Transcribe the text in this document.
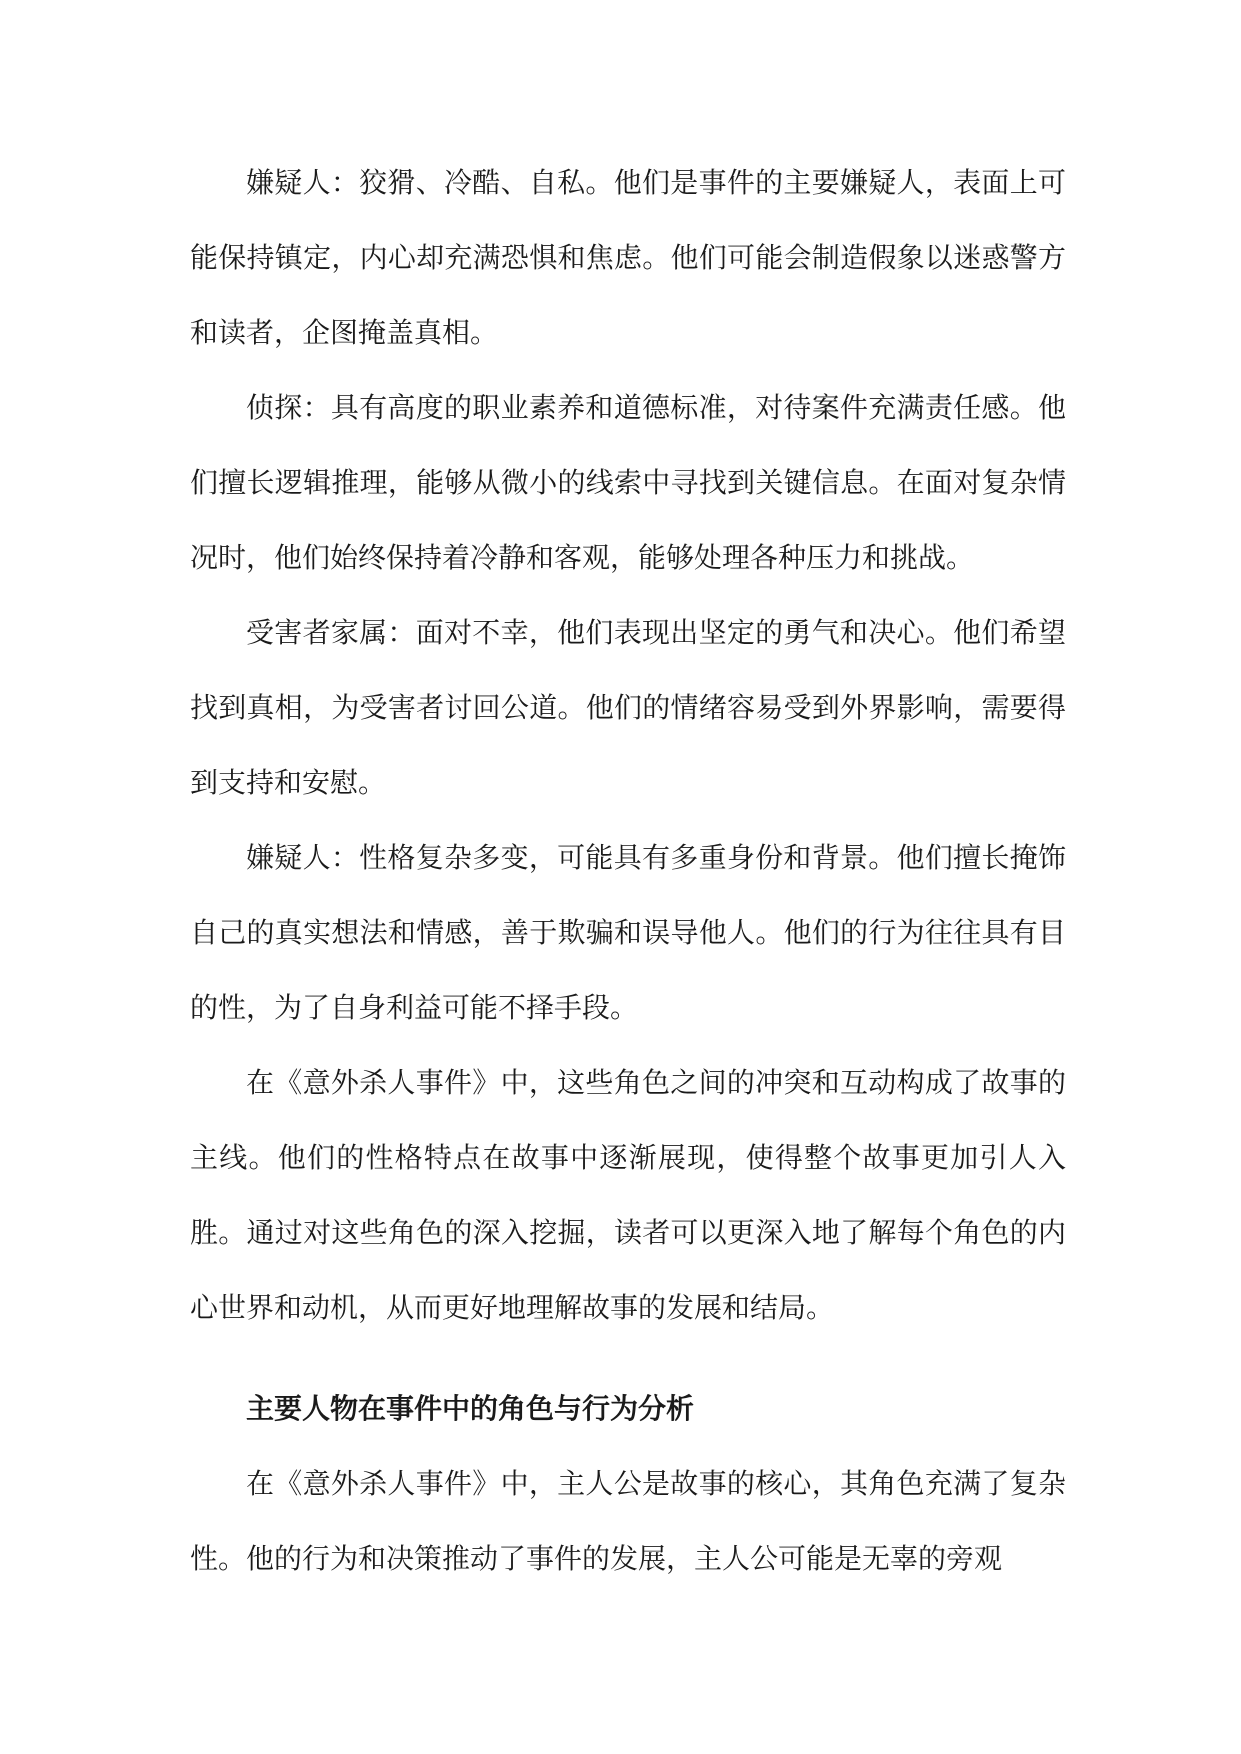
嫌疑人：狡猾、冷酷、自私。他们是事件的主要嫌疑人，表面上可能保持镇定，内心却充满恐惧和焦虑。他们可能会制造假象以迷惑警方和读者，企图掩盖真相。

侦探：具有高度的职业素养和道德标准，对待案件充满责任感。他们擅长逻辑推理，能够从微小的线索中寻找到关键信息。在面对复杂情况时，他们始终保持着冷静和客观，能够处理各种压力和挑战。

受害者家属：面对不幸，他们表现出坚定的勇气和决心。他们希望找到真相，为受害者讨回公道。他们的情绪容易受到外界影响，需要得到支持和安慰。

嫌疑人：性格复杂多变，可能具有多重身份和背景。他们擅长掩饰自己的真实想法和情感，善于欺骗和误导他人。他们的行为往往具有目的性，为了自身利益可能不择手段。

在《意外杀人事件》中，这些角色之间的冲突和互动构成了故事的主线。他们的性格特点在故事中逐渐展现，使得整个故事更加引人入胜。通过对这些角色的深入挖掘，读者可以更深入地了解每个角色的内心世界和动机，从而更好地理解故事的发展和结局。

主要人物在事件中的角色与行为分析

在《意外杀人事件》中，主人公是故事的核心，其角色充满了复杂性。他的行为和决策推动了事件的发展，主人公可能是无辜的旁观
